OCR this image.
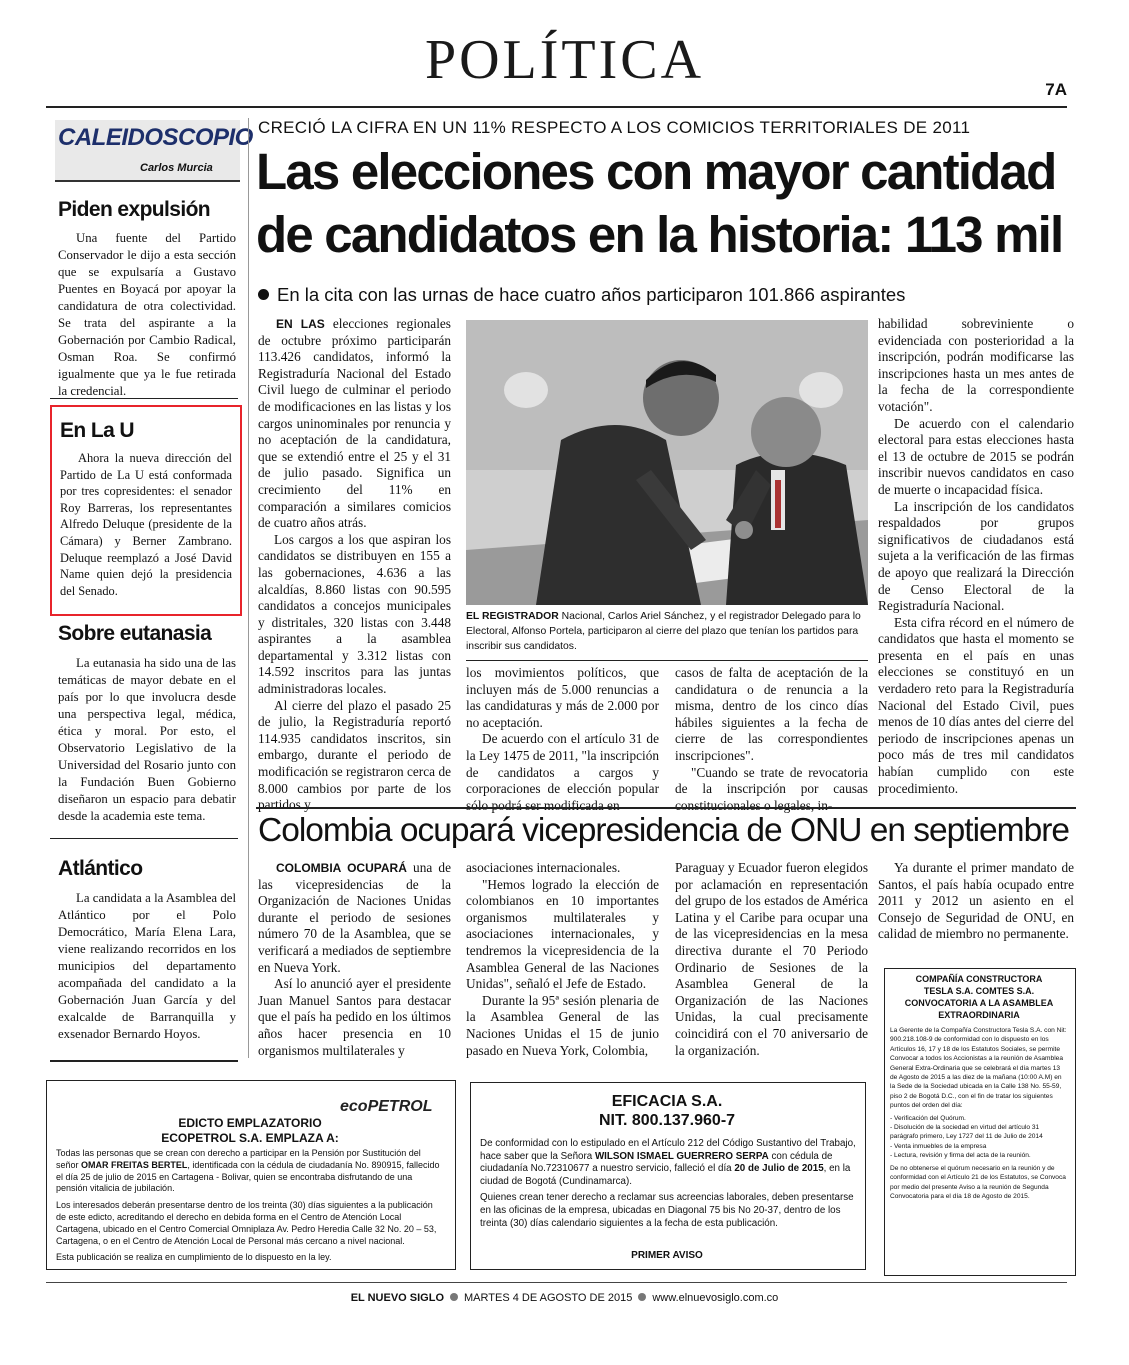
POLÍTICA	7A
CALEIDOSCOPIO
Carlos Murcia
Piden expulsión
Una fuente del Partido Conservador le dijo a esta sección que se expulsaría a Gustavo Puentes en Boyacá por apoyar la candidatura de otra colectividad. Se trata del aspirante a la Gobernación por Cambio Radical, Osman Roa. Se confirmó igualmente que ya le fue retirada la credencial.
En La U
Ahora la nueva dirección del Partido de La U está conformada por tres copresidentes: el senador Roy Barreras, los representantes Alfredo Deluque (presidente de la Cámara) y Berner Zambrano. Deluque reemplazó a José David Name quien dejó la presidencia del Senado.
Sobre eutanasia
La eutanasia ha sido una de las temáticas de mayor debate en el país por lo que involucra desde una perspectiva legal, médica, ética y moral. Por esto, el Observatorio Legislativo de la Universidad del Rosario junto con la Fundación Buen Gobierno diseñaron un espacio para debatir desde la academia este tema.
Atlántico
La candidata a la Asamblea del Atlántico por el Polo Democrático, María Elena Lara, viene realizando recorridos en los municipios del departamento acompañada del candidato a la Gobernación Juan García y del exalcalde de Barranquilla y exsenador Bernardo Hoyos.
CRECIÓ LA CIFRA EN UN 11% RESPECTO A LOS COMICIOS TERRITORIALES DE 2011
Las elecciones con mayor cantidad
de candidatos en la historia: 113 mil
En la cita con las urnas de hace cuatro años participaron 101.866 aspirantes

EN LAS elecciones regionales de octubre próximo participarán 113.426 candidatos, informó la Registraduría Nacional del Estado Civil luego de culminar el periodo de modificaciones en las listas y los cargos uninominales por renuncia y no aceptación de la candidatura, que se extendió entre el 25 y el 31 de julio pasado. Significa un crecimiento del 11% en comparación a similares comicios de cuatro años atrás.

Los cargos a los que aspiran los candidatos se distribuyen en 155 a las gobernaciones, 4.636 a las alcaldías, 8.860 listas con 90.595 candidatos a concejos municipales y distritales, 320 listas con 3.448 aspirantes a la asamblea departamental y 3.312 listas con 14.592 inscritos para las juntas administradoras locales.

Al cierre del plazo el pasado 25 de julio, la Registraduría reportó 114.935 candidatos inscritos, sin embargo, durante el periodo de modificación se registraron cerca de 8.000 cambios por parte de los partidos y

EL REGISTRADOR Nacional, Carlos Ariel Sánchez, y el registrador Delegado para lo Electoral, Alfonso Portela, participaron al cierre del plazo que tenían los partidos para inscribir sus candidatos.

los movimientos políticos, que incluyen más de 5.000 renuncias a las candidaturas y más de 2.000 por no aceptación.

De acuerdo con el artículo 31 de la Ley 1475 de 2011, "la inscripción de candidatos a cargos y corporaciones de elección popular sólo podrá ser modificada en

casos de falta de aceptación de la candidatura o de renuncia a la misma, dentro de los cinco días hábiles siguientes a la fecha de cierre de las correspondientes inscripciones".

"Cuando se trate de revocatoria de la inscripción por causas constitucionales o legales, in-

habilidad sobreviniente o evidenciada con posterioridad a la inscripción, podrán modificarse las inscripciones hasta un mes antes de la fecha de la correspondiente votación".

De acuerdo con el calendario electoral para estas elecciones hasta el 13 de octubre de 2015 se podrán inscribir nuevos candidatos en caso de muerte o incapacidad física.

La inscripción de los candidatos respaldados por grupos significativos de ciudadanos está sujeta a la verificación de las firmas de apoyo que realizará la Dirección de Censo Electoral de la Registraduría Nacional.

Esta cifra récord en el número de candidatos que hasta el momento se presenta en el país en unas elecciones se constituyó en un verdadero reto para la Registraduría Nacional del Estado Civil, pues menos de 10 días antes del cierre del periodo de inscripciones apenas un poco más de tres mil candidatos habían cumplido con este procedimiento.

Colombia ocupará vicepresidencia de ONU en septiembre

COLOMBIA OCUPARÁ una de las vicepresidencias de la Organización de Naciones Unidas durante el periodo de sesiones número 70 de la Asamblea, que se verificará a mediados de septiembre en Nueva York.

Así lo anunció ayer el presidente Juan Manuel Santos para destacar que el país ha pedido en los últimos años hacer presencia en 10 organismos multilaterales y

asociaciones internacionales.

"Hemos logrado la elección de colombianos en 10 importantes organismos multilaterales y asociaciones internacionales, y tendremos la vicepresidencia de la Asamblea General de las Naciones Unidas", señaló el Jefe de Estado.

Durante la 95ª sesión plenaria de la Asamblea General de las Naciones Unidas el 15 de junio pasado en Nueva York, Colombia,

Paraguay y Ecuador fueron elegidos por aclamación en representación del grupo de los estados de América Latina y el Caribe para ocupar una de las vicepresidencias en la mesa directiva durante el 70 Periodo Ordinario de Sesiones de la Asamblea General de la Organización de las Naciones Unidas, la cual precisamente coincidirá con el 70 aniversario de la organización.

Ya durante el primer mandato de Santos, el país había ocupado entre 2011 y 2012 un asiento en el Consejo de Seguridad de ONU, en calidad de miembro no permanente.

ecoPETROL
EDICTO EMPLAZATORIO
ECOPETROL S.A. EMPLAZA A:
Todas las personas que se crean con derecho a participar en la Pensión por Sustitución del señor OMAR FREITAS BERTEL, identificada con la cédula de ciudadanía No. 890915, fallecido el día 25 de julio de 2015 en Cartagena - Bolivar, quien se encontraba disfrutando de una pensión vitalicia de jubilación.
Los interesados deberán presentarse dentro de los treinta (30) días siguientes a la publicación de este edicto, acreditando el derecho en debida forma en el Centro de Atención Local Cartagena, ubicado en el Centro Comercial Omniplaza Av. Pedro Heredia Calle 32 No. 20 – 53, Cartagena, o en el Centro de Atención Local de Personal más cercano a nivel nacional.
Esta publicación se realiza en cumplimiento de lo dispuesto en la ley.
EFICACIA S.A.
NIT. 800.137.960-7
De conformidad con lo estipulado en el Artículo 212 del Código Sustantivo del Trabajo, hace saber que la Señora WILSON ISMAEL GUERRERO SERPA con cédula de ciudadanía No.72310677 a nuestro servicio, falleció el día 20 de Julio de 2015, en la ciudad de Bogotá (Cundinamarca).
Quienes crean tener derecho a reclamar sus acreencias laborales, deben presentarse en las oficinas de la empresa, ubicadas en Diagonal 75 bis No 20-37, dentro de los treinta (30) días calendario siguientes a la fecha de esta publicación.
PRIMER AVISO
COMPAÑÍA CONSTRUCTORA
TESLA S.A. COMTES S.A.
CONVOCATORIA A LA ASAMBLEA
EXTRAORDINARIA
La Gerente de la Compañía Constructora Tesla S.A. con Nit: 900.218.108-9 de conformidad con lo dispuesto en los Artículos 16, 17 y 18 de los Estatutos Sociales, se permite Convocar a todos los Accionistas a la reunión de Asamblea General Extra-Ordinaria que se celebrará el día martes 13 de Agosto de 2015 a las diez de la mañana (10:00 A.M) en la Sede de la Sociedad ubicada en la Calle 138 No. 55-59, piso 2 de Bogotá D.C., con el fin de tratar los siguientes puntos del orden del día:
- Verificación del Quórum.
- Disolución de la sociedad en virtud del artículo 31 parágrafo primero, Ley 1727 del 11 de Julio de 2014
- Venta inmuebles de la empresa
- Lectura, revisión y firma del acta de la reunión.
De no obtenerse el quórum necesario en la reunión y de conformidad con el Artículo 21 de los Estatutos, se Convoca por medio del presente Aviso a la reunión de Segunda Convocatoria para el día 18 de Agosto de 2015.
EL NUEVO SIGLO MARTES 4 DE AGOSTO DE 2015 www.elnuevosiglo.com.co
